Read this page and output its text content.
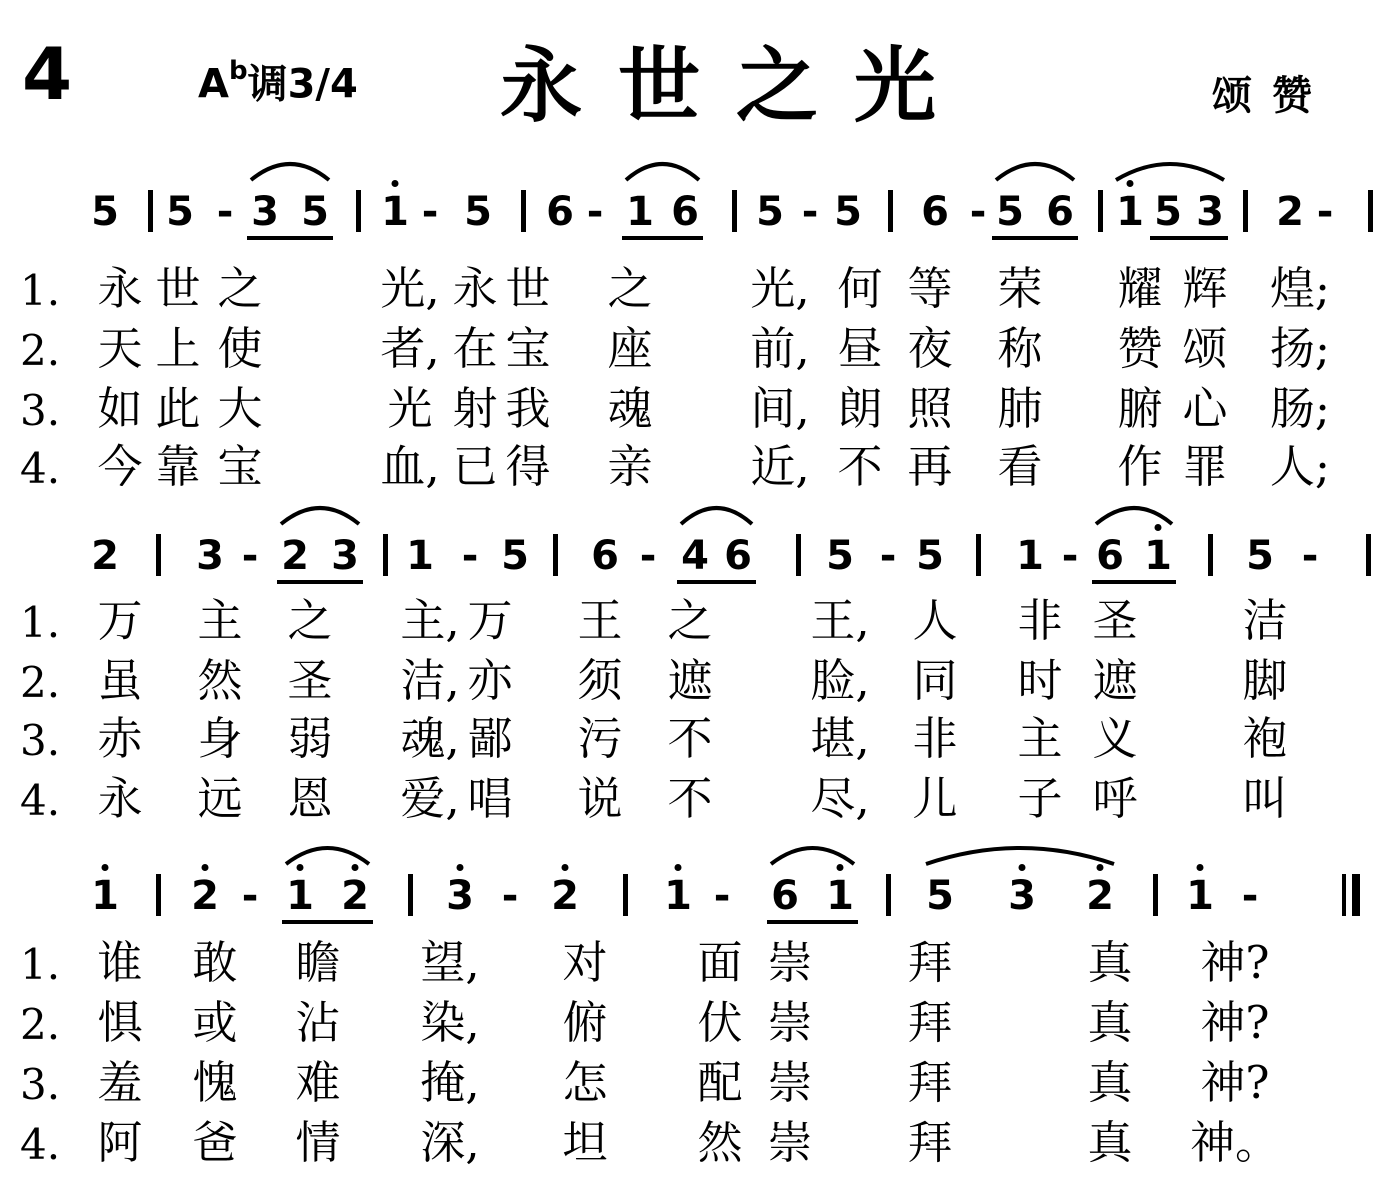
4	$A^b$调3/4 永世之光	颂赞
5 5 - 3 5 1 - 5 6 - 1 6 5 - 5 6 - 5 6 1 5 3 2 -
1. 永 世 之	光, 永 世 之 光, 何 等 荣 耀 辉 煌;
2. 天 上 使	者, 在 宝 座 前, 昼 夜 称 赞 颂 扬;
3. 如 此 大	光 射 我 魂 间, 朗 照 肺 腑 心 肠;
4. 今 靠 宝	血, 已 得 亲 近, 不 再 看 作 罪 人;
2 3 - 2 3 1 - 5 6 - 4 6 5 - 5 1 - 6 1 5 -
1. 万 主 之 主, 万 王 之 王, 人 非 圣 洁
2. 虽 然 圣 洁, 亦 须 遮 脸, 同 时 遮 脚
3. 赤 身 弱 魂, 鄙 污 不 堪, 非 主 义 袍
4. 永 远 恩 爱, 唱 说 不 尽, 儿 子 呼 叫
1 2 - 1 2 3 - 2 1 - 6 1 5 3 2 1 -
1. 谁 敢 瞻 望, 对 面 崇 拜	真 神?
2. 惧 或 沾 染, 俯 伏 崇 拜	真 神?
3. 羞 愧 难 掩, 怎 配 崇 拜	真 神?
4. 阿 爸 情 深, 坦 然 崇 拜	真 神。
